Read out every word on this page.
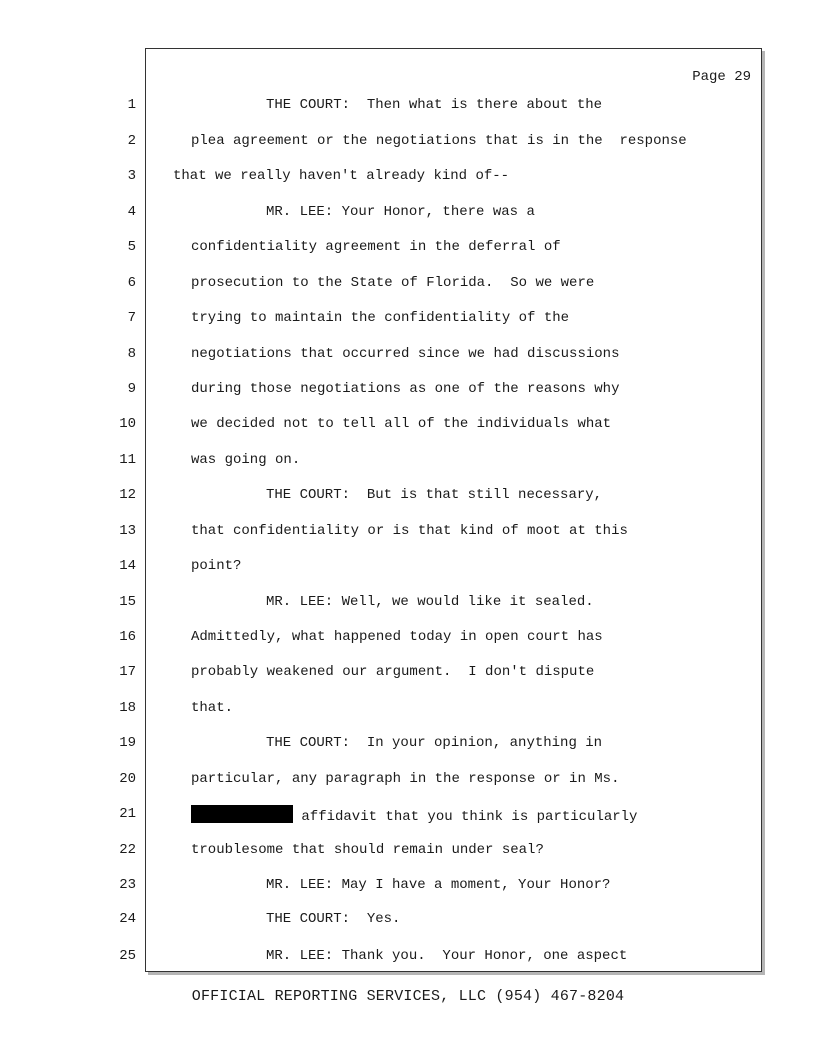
Page 29
1	THE COURT:  Then what is there about the
2	plea agreement or the negotiations that is in the  response
3	that we really haven't already kind of--
4	MR. LEE: Your Honor, there was a
5	confidentiality agreement in the deferral of
6	prosecution to the State of Florida.  So we were
7	trying to maintain the confidentiality of the
8	negotiations that occurred since we had discussions
9	during those negotiations as one of the reasons why
10	we decided not to tell all of the individuals what
11	was going on.
12	THE COURT:  But is that still necessary,
13	that confidentiality or is that kind of moot at this
14	point?
15	MR. LEE: Well, we would like it sealed.
16	Admittedly, what happened today in open court has
17	probably weakened our argument.  I don't dispute
18	that.
19	THE COURT:  In your opinion, anything in
20	particular, any paragraph in the response or in Ms.
21	affidavit that you think is particularly
22	troublesome that should remain under seal?
23	MR. LEE: May I have a moment, Your Honor?
24	THE COURT:  Yes.
25	MR. LEE: Thank you.  Your Honor, one aspect
OFFICIAL REPORTING SERVICES, LLC (954) 467-8204
